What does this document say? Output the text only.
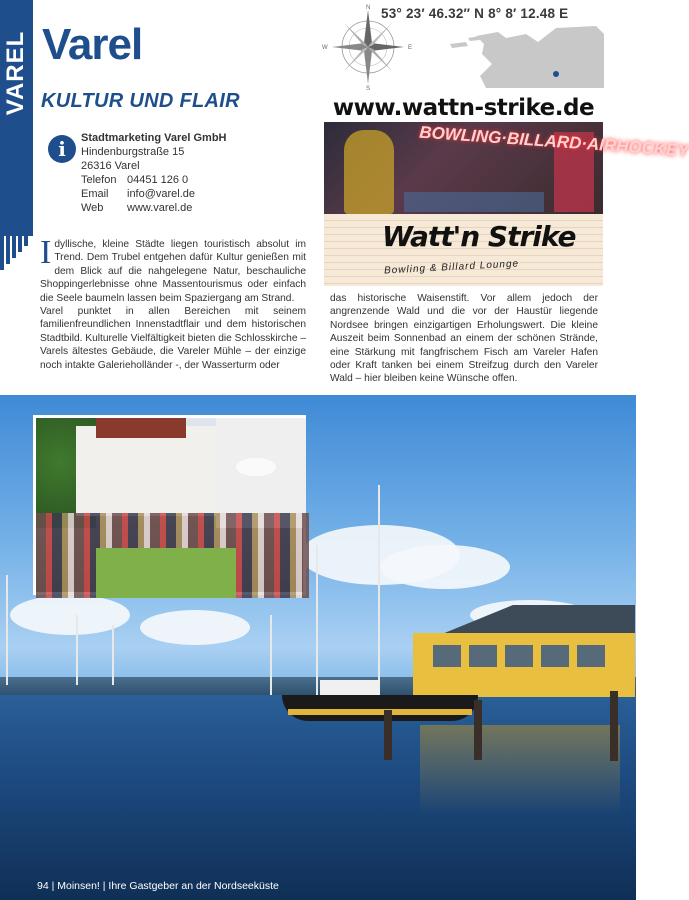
VAREL Varel
KULTUR UND FLAIR
i	Stadtmarketing Varel GmbH
Hindenburgstraße 15
26316 Varel
Telefon 04451 126 0
Email	info@varel.de
Web	www.varel.de
N
S
W	E
53° 23′ 46.32″ N 8° 8′ 12.48 E
www.wattn-strike.de
BOWLING·BILLARD·AIRHOCKEY
Watt'n Strike
Bowling & Billard Lounge

Idyllische, kleine Städte liegen touristisch absolut im Trend. Dem Trubel entgehen dafür Kultur genießen mit dem Blick auf die nahgelegene Natur, beschauliche Shoppingerlebnisse ohne Massentourismus oder einfach die Seele baumeln lassen beim Spaziergang am Strand.

Varel punktet in allen Bereichen mit seinem familienfreundlichen Innenstadtflair und dem historischen Stadtbild. Kulturelle Vielfältigkeit bieten die Schlosskirche – Varels ältestes Gebäude, die Vareler Mühle – der einzige noch intakte Galerieholländer -, der Wasserturm oder

das historische Waisenstift. Vor allem jedoch der angrenzende Wald und die vor der Haustür liegende Nordsee bringen einzigartigen Erholungswert. Die kleine Auszeit beim Sonnenbad an einem der schönen Strände, eine Stärkung mit fangfrischem Fisch am Vareler Hafen oder Kraft tanken bei einem Streifzug durch den Vareler Wald – hier bleiben keine Wünsche offen.
94 | Moinsen! | Ihre Gastgeber an der Nordseeküste
